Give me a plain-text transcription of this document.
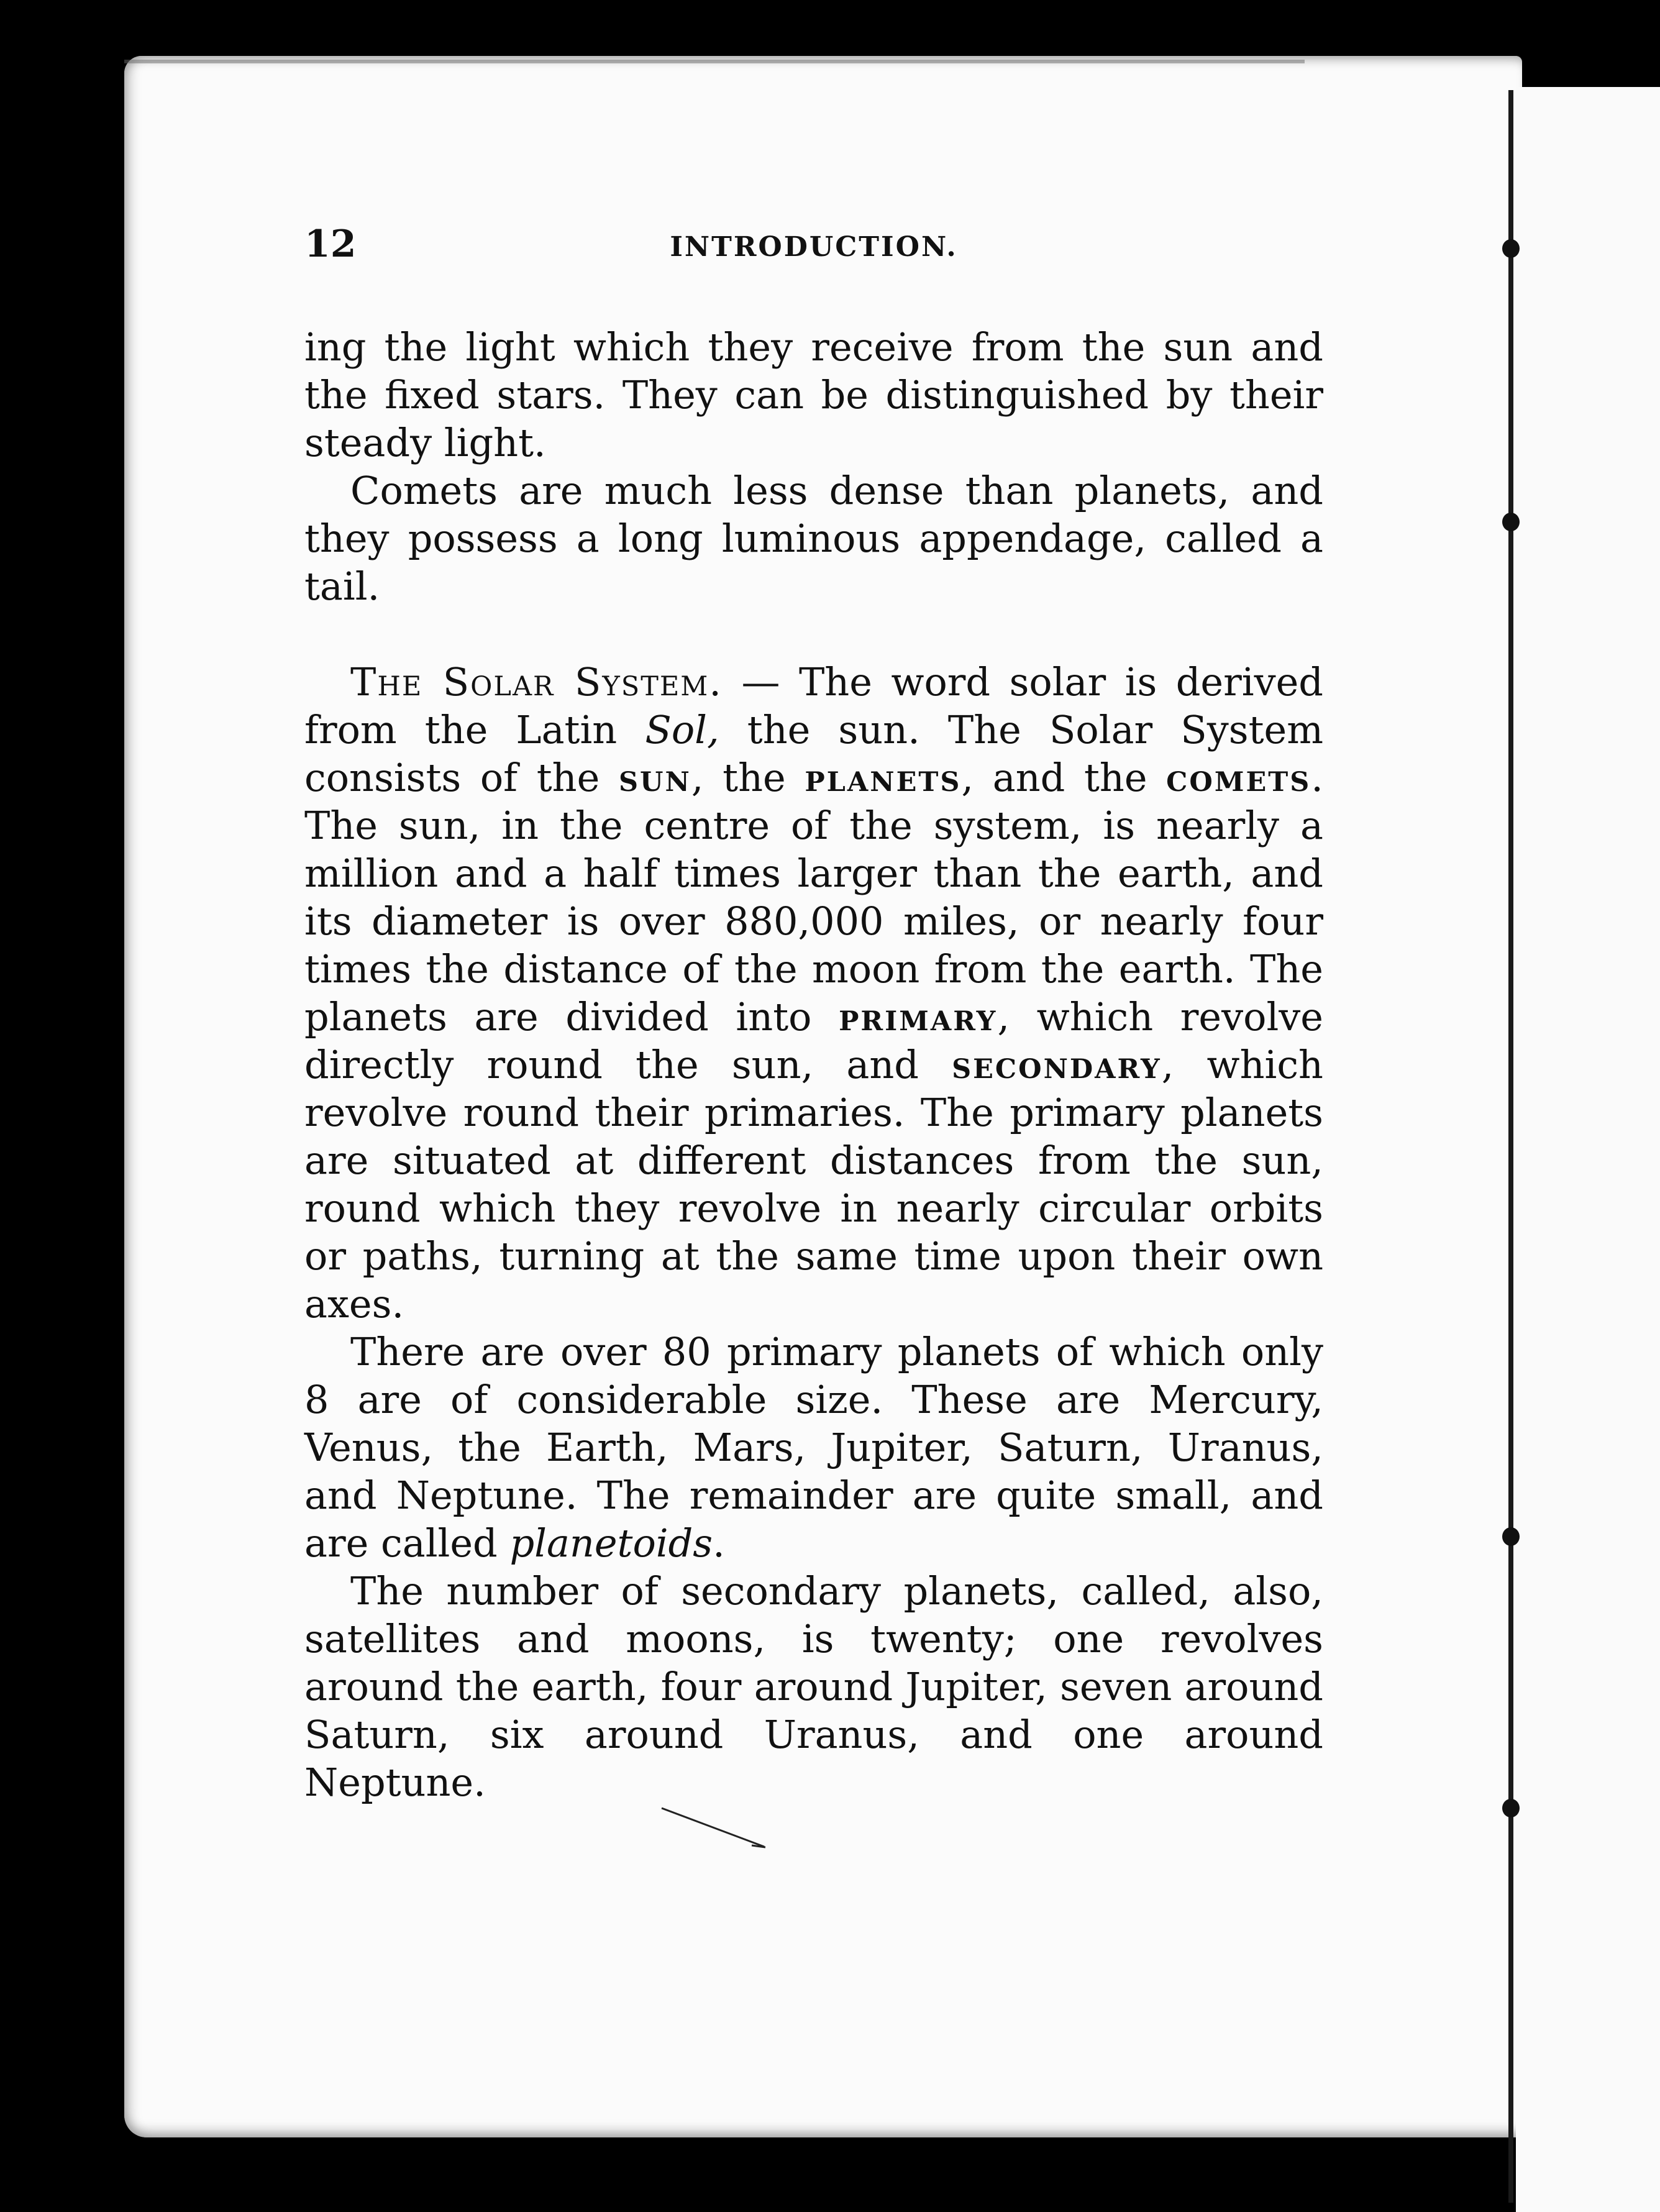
12	INTRODUCTION.

ing the light which they receive from the sun and the fixed stars. They can be distinguished by their steady light.

Comets are much less dense than planets, and they possess a long luminous appendage, called a tail.

The Solar System. — The word solar is derived from the Latin Sol, the sun. The Solar System consists of the sun, the planets, and the comets. The sun, in the centre of the system, is nearly a million and a half times larger than the earth, and its diameter is over 880,000 miles, or nearly four times the distance of the moon from the earth. The planets are divided into primary, which revolve directly round the sun, and secondary, which revolve round their primaries. The primary planets are situated at different distances from the sun, round which they revolve in nearly circular orbits or paths, turning at the same time upon their own axes.

There are over 80 primary planets of which only 8 are of considerable size. These are Mercury, Venus, the Earth, Mars, Jupiter, Saturn, Uranus, and Neptune. The remainder are quite small, and are called planetoids.

The number of secondary planets, called, also, satellites and moons, is twenty; one revolves around the earth, four around Jupiter, seven around Saturn, six around Uranus, and one around Neptune.
